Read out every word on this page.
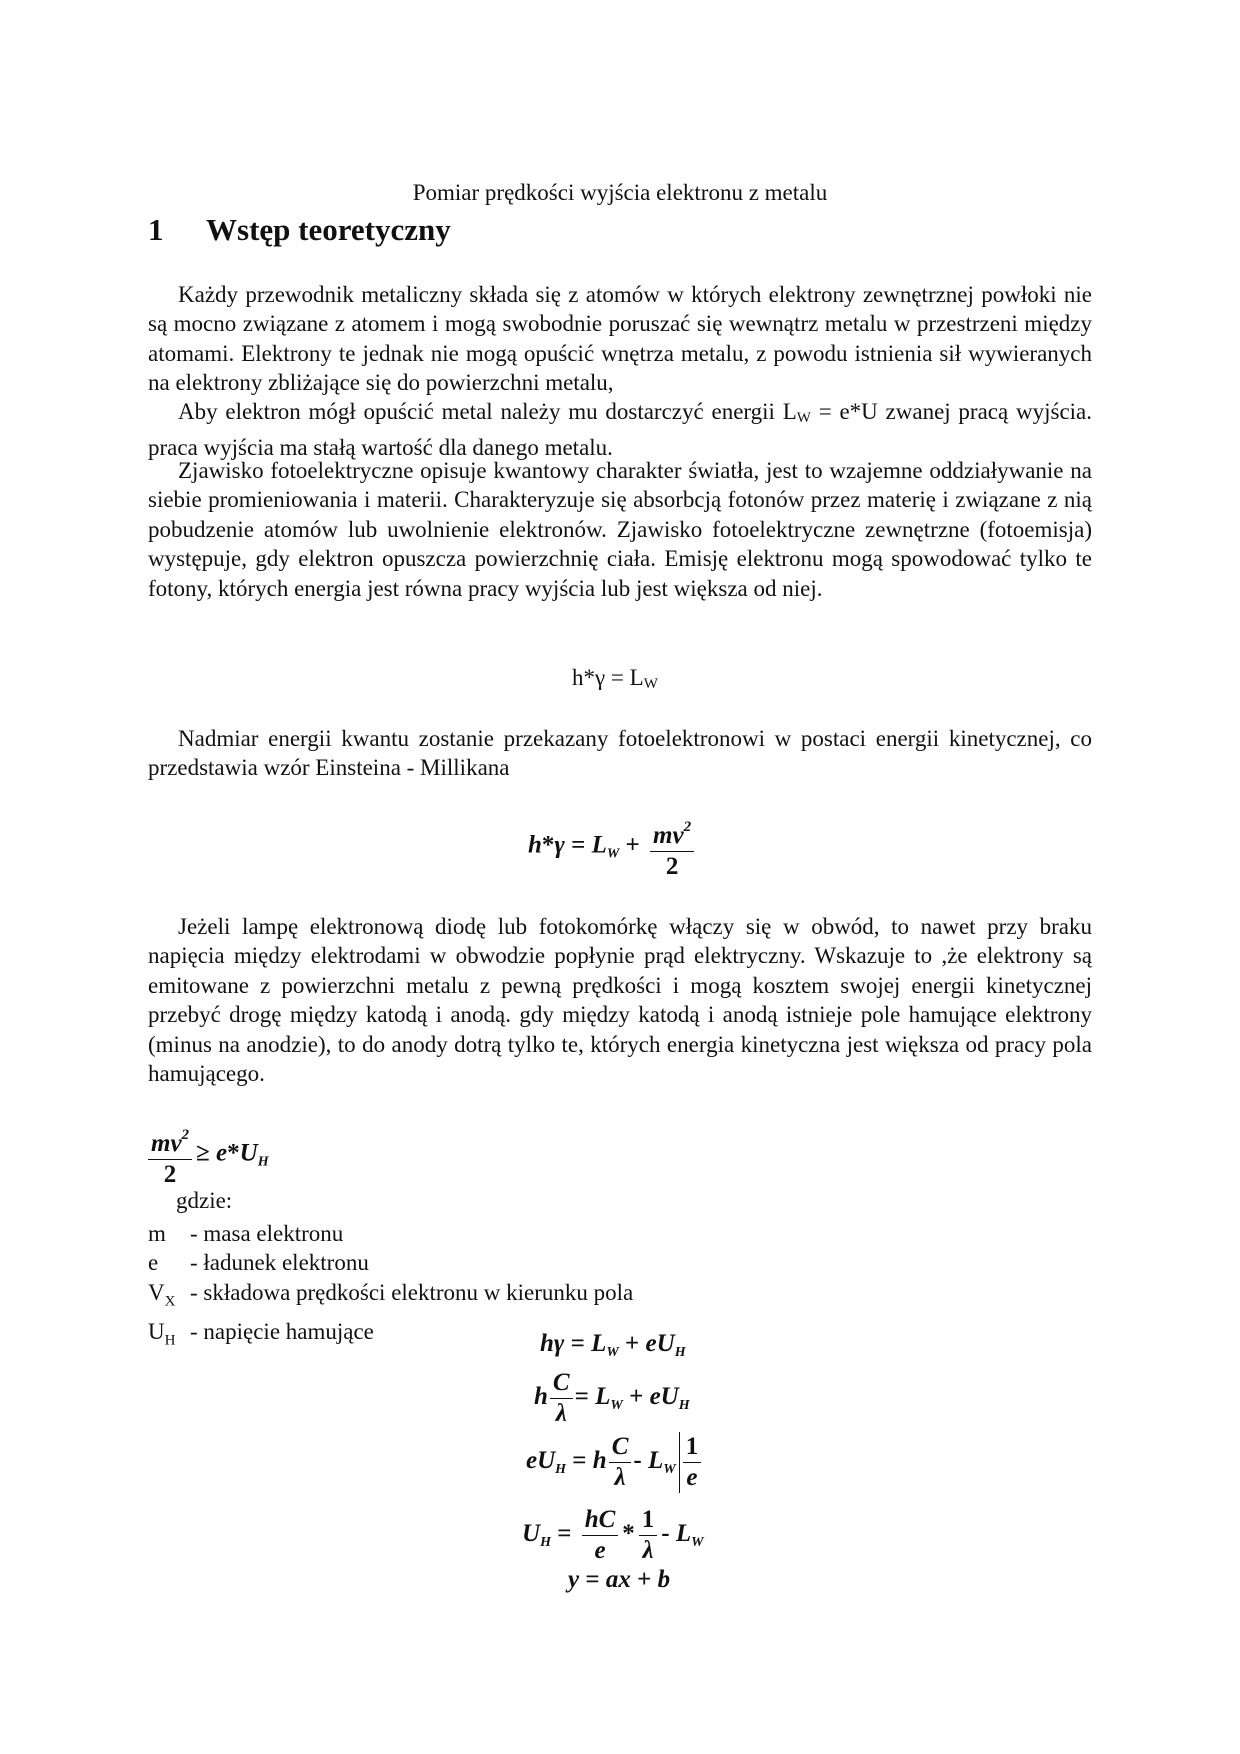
Pomiar prędkości wyjścia elektronu z metalu
1 Wstęp teoretyczny

Każdy przewodnik metaliczny składa się z atomów w których elektrony zewnętrznej powłoki nie są mocno związane z atomem i mogą swobodnie poruszać się wewnątrz metalu w przestrzeni między atomami. Elektrony te jednak nie mogą opuścić wnętrza metalu, z powodu istnienia sił wywieranych na elektrony zbliżające się do powierzchni metalu,

Aby elektron mógł opuścić metal należy mu dostarczyć energii $L_W = e*U$ zwanej pracą wyjścia. praca wyjścia ma stałą wartość dla danego metalu.

Zjawisko fotoelektryczne opisuje kwantowy charakter światła, jest to wzajemne oddziaływanie na siebie promieniowania i materii. Charakteryzuje się absorbcją fotonów przez materię i związane z nią pobudzenie atomów lub uwolnienie elektronów. Zjawisko fotoelektryczne zewnętrzne (fotoemisja) występuje, gdy elektron opuszcza powierzchnię ciała. Emisję elektronu mogą spowodować tylko te fotony, których energia jest równa pracy wyjścia lub jest większa od niej.

$h*\gamma = L_W$

Nadmiar energii kwantu zostanie przekazany fotoelektronowi w postaci energii kinetycznej, co przedstawia wzór Einsteina - Millikana

$h*\gamma = L_W + \frac{mv^2}{2}$

Jeżeli lampę elektronową diodę lub fotokomórkę włączy się w obwód, to nawet przy braku napięcia między elektrodami w obwodzie popłynie prąd elektryczny. Wskazuje to ,że elektrony są emitowane z powierzchni metalu z pewną prędkości i mogą kosztem swojej energii kinetycznej przebyć drogę między katodą i anodą. gdy między katodą i anodą istnieje pole hamujące elektrony (minus na anodzie), to do anody dotrą tylko te, których energia kinetyczna jest większa od pracy pola hamującego.

$\frac{mv^2}{2} \ge e*U_H$
gdzie:
m	- masa elektronu
e	- ładunek elektronu
$V_X$ - składowa prędkości elektronu w kierunku pola
$U_H$ - napięcie hamujące	$h\gamma = L_W + eU_H$
h $\frac{C}{\lambda} = L_W + eU_H$
$eU_H = h \frac{C}{\lambda} - L_W \frac{1}{e}$
$U_H = \frac{hC}{e} * \frac{1}{\lambda} - L_W$
y = ax + b
